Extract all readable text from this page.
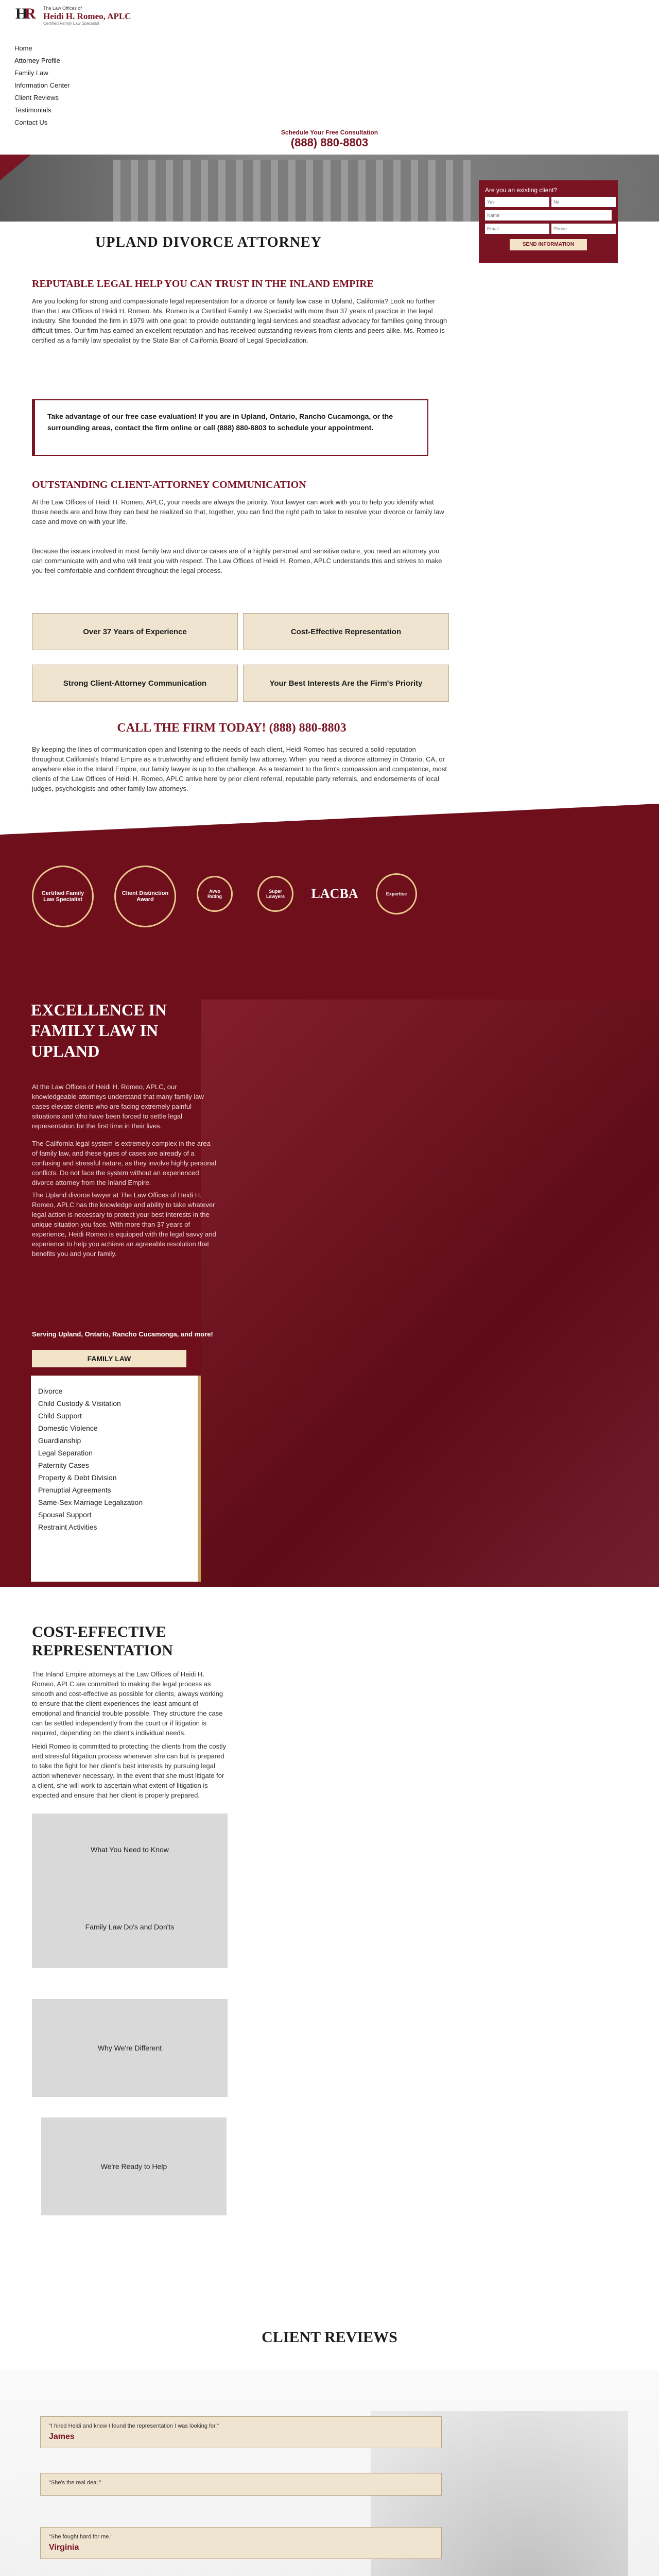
H
R The Law Offices of
Heidi H. Romeo, APLC
Certified Family Law Specialist
Home
Attorney Profile
Family Law
Information Center
Client Reviews
Testimonials
Contact Us
Schedule Your Free Consultation
(888) 880-8803
Are you an existing client?
Yes
No
Name
Email
Phone
SEND INFORMATION
UPLAND DIVORCE ATTORNEY
REPUTABLE LEGAL HELP YOU CAN TRUST IN THE INLAND EMPIRE

Are you looking for strong and compassionate legal representation for a divorce or family law case in Upland, California? Look no further than the Law Offices of Heidi H. Romeo. Ms. Romeo is a Certified Family Law Specialist with more than 37 years of practice in the legal industry. She founded the firm in 1979 with one goal: to provide outstanding legal services and steadfast advocacy for families going through difficult times. Our firm has earned an excellent reputation and has received outstanding reviews from clients and peers alike. Ms. Romeo is certified as a family law specialist by the State Bar of California Board of Legal Specialization.

Take advantage of our free case evaluation! If you are in Upland, Ontario, Rancho Cucamonga, or the surrounding areas, contact the firm online or call (888) 880-8803 to schedule your appointment.

OUTSTANDING CLIENT-ATTORNEY COMMUNICATION

At the Law Offices of Heidi H. Romeo, APLC, your needs are always the priority. Your lawyer can work with you to help you identify what those needs are and how they can best be realized so that, together, you can find the right path to take to resolve your divorce or family law case and move on with your life.

Because the issues involved in most family law and divorce cases are of a highly personal and sensitive nature, you need an attorney you can communicate with and who will treat you with respect. The Law Offices of Heidi H. Romeo, APLC understands this and strives to make you feel comfortable and confident throughout the legal process.

Over 37 Years of Experience	Cost-Effective Representation
Strong Client-Attorney Communication	Your Best Interests Are the Firm's Priority
CALL THE FIRM TODAY! (888) 880-8803

By keeping the lines of communication open and listening to the needs of each client, Heidi Romeo has secured a solid reputation throughout California's Inland Empire as a trustworthy and efficient family law attorney. When you need a divorce attorney in Ontario, CA, or anywhere else in the Inland Empire, our family lawyer is up to the challenge. As a testament to the firm's compassion and competence, most clients of the Law Offices of Heidi H. Romeo, APLC arrive here by prior client referral, reputable party referrals, and endorsements of local judges, psychologists and other family law attorneys.

Certified Family Law Specialist
Client Distinction Award
Avvo Rating
Super Lawyers	LACBA	Expertise
EXCELLENCE IN FAMILY LAW IN UPLAND

At the Law Offices of Heidi H. Romeo, APLC, our knowledgeable attorneys understand that many family law cases elevate clients who are facing extremely painful situations and who have been forced to settle legal representation for the first time in their lives.

The California legal system is extremely complex in the area of family law, and these types of cases are already of a confusing and stressful nature, as they involve highly personal conflicts. Do not face the system without an experienced divorce attorney from the Inland Empire.

The Upland divorce lawyer at The Law Offices of Heidi H. Romeo, APLC has the knowledge and ability to take whatever legal action is necessary to protect your best interests in the unique situation you face. With more than 37 years of experience, Heidi Romeo is equipped with the legal savvy and experience to help you achieve an agreeable resolution that benefits you and your family.

Serving Upland, Ontario, Rancho Cucamonga, and more!

FAMILY LAW
Divorce
Child Custody & Visitation
Child Support
Domestic Violence
Guardianship
Legal Separation
Paternity Cases
Property & Debt Division
Prenuptial Agreements
Same-Sex Marriage Legalization
Spousal Support
Restraint Activities
COST-EFFECTIVE REPRESENTATION

The Inland Empire attorneys at the Law Offices of Heidi H. Romeo, APLC are committed to making the legal process as smooth and cost-effective as possible for clients, always working to ensure that the client experiences the least amount of emotional and financial trouble possible. They structure the case can be settled independently from the court or if litigation is required, depending on the client's individual needs.

Heidi Romeo is committed to protecting the clients from the costly and stressful litigation process whenever she can but is prepared to take the fight for her client's best interests by pursuing legal action whenever necessary. In the event that she must litigate for a client, she will work to ascertain what extent of litigation is expected and ensure that her client is properly prepared.

What You Need to Know
Family Law Do's and Don'ts
Why We're Different
We're Ready to Help
CLIENT REVIEWS
"I hired Heidi and knew I found the representation I was looking for."
James
"She's the real deal."
"She fought hard for me."
Virginia
